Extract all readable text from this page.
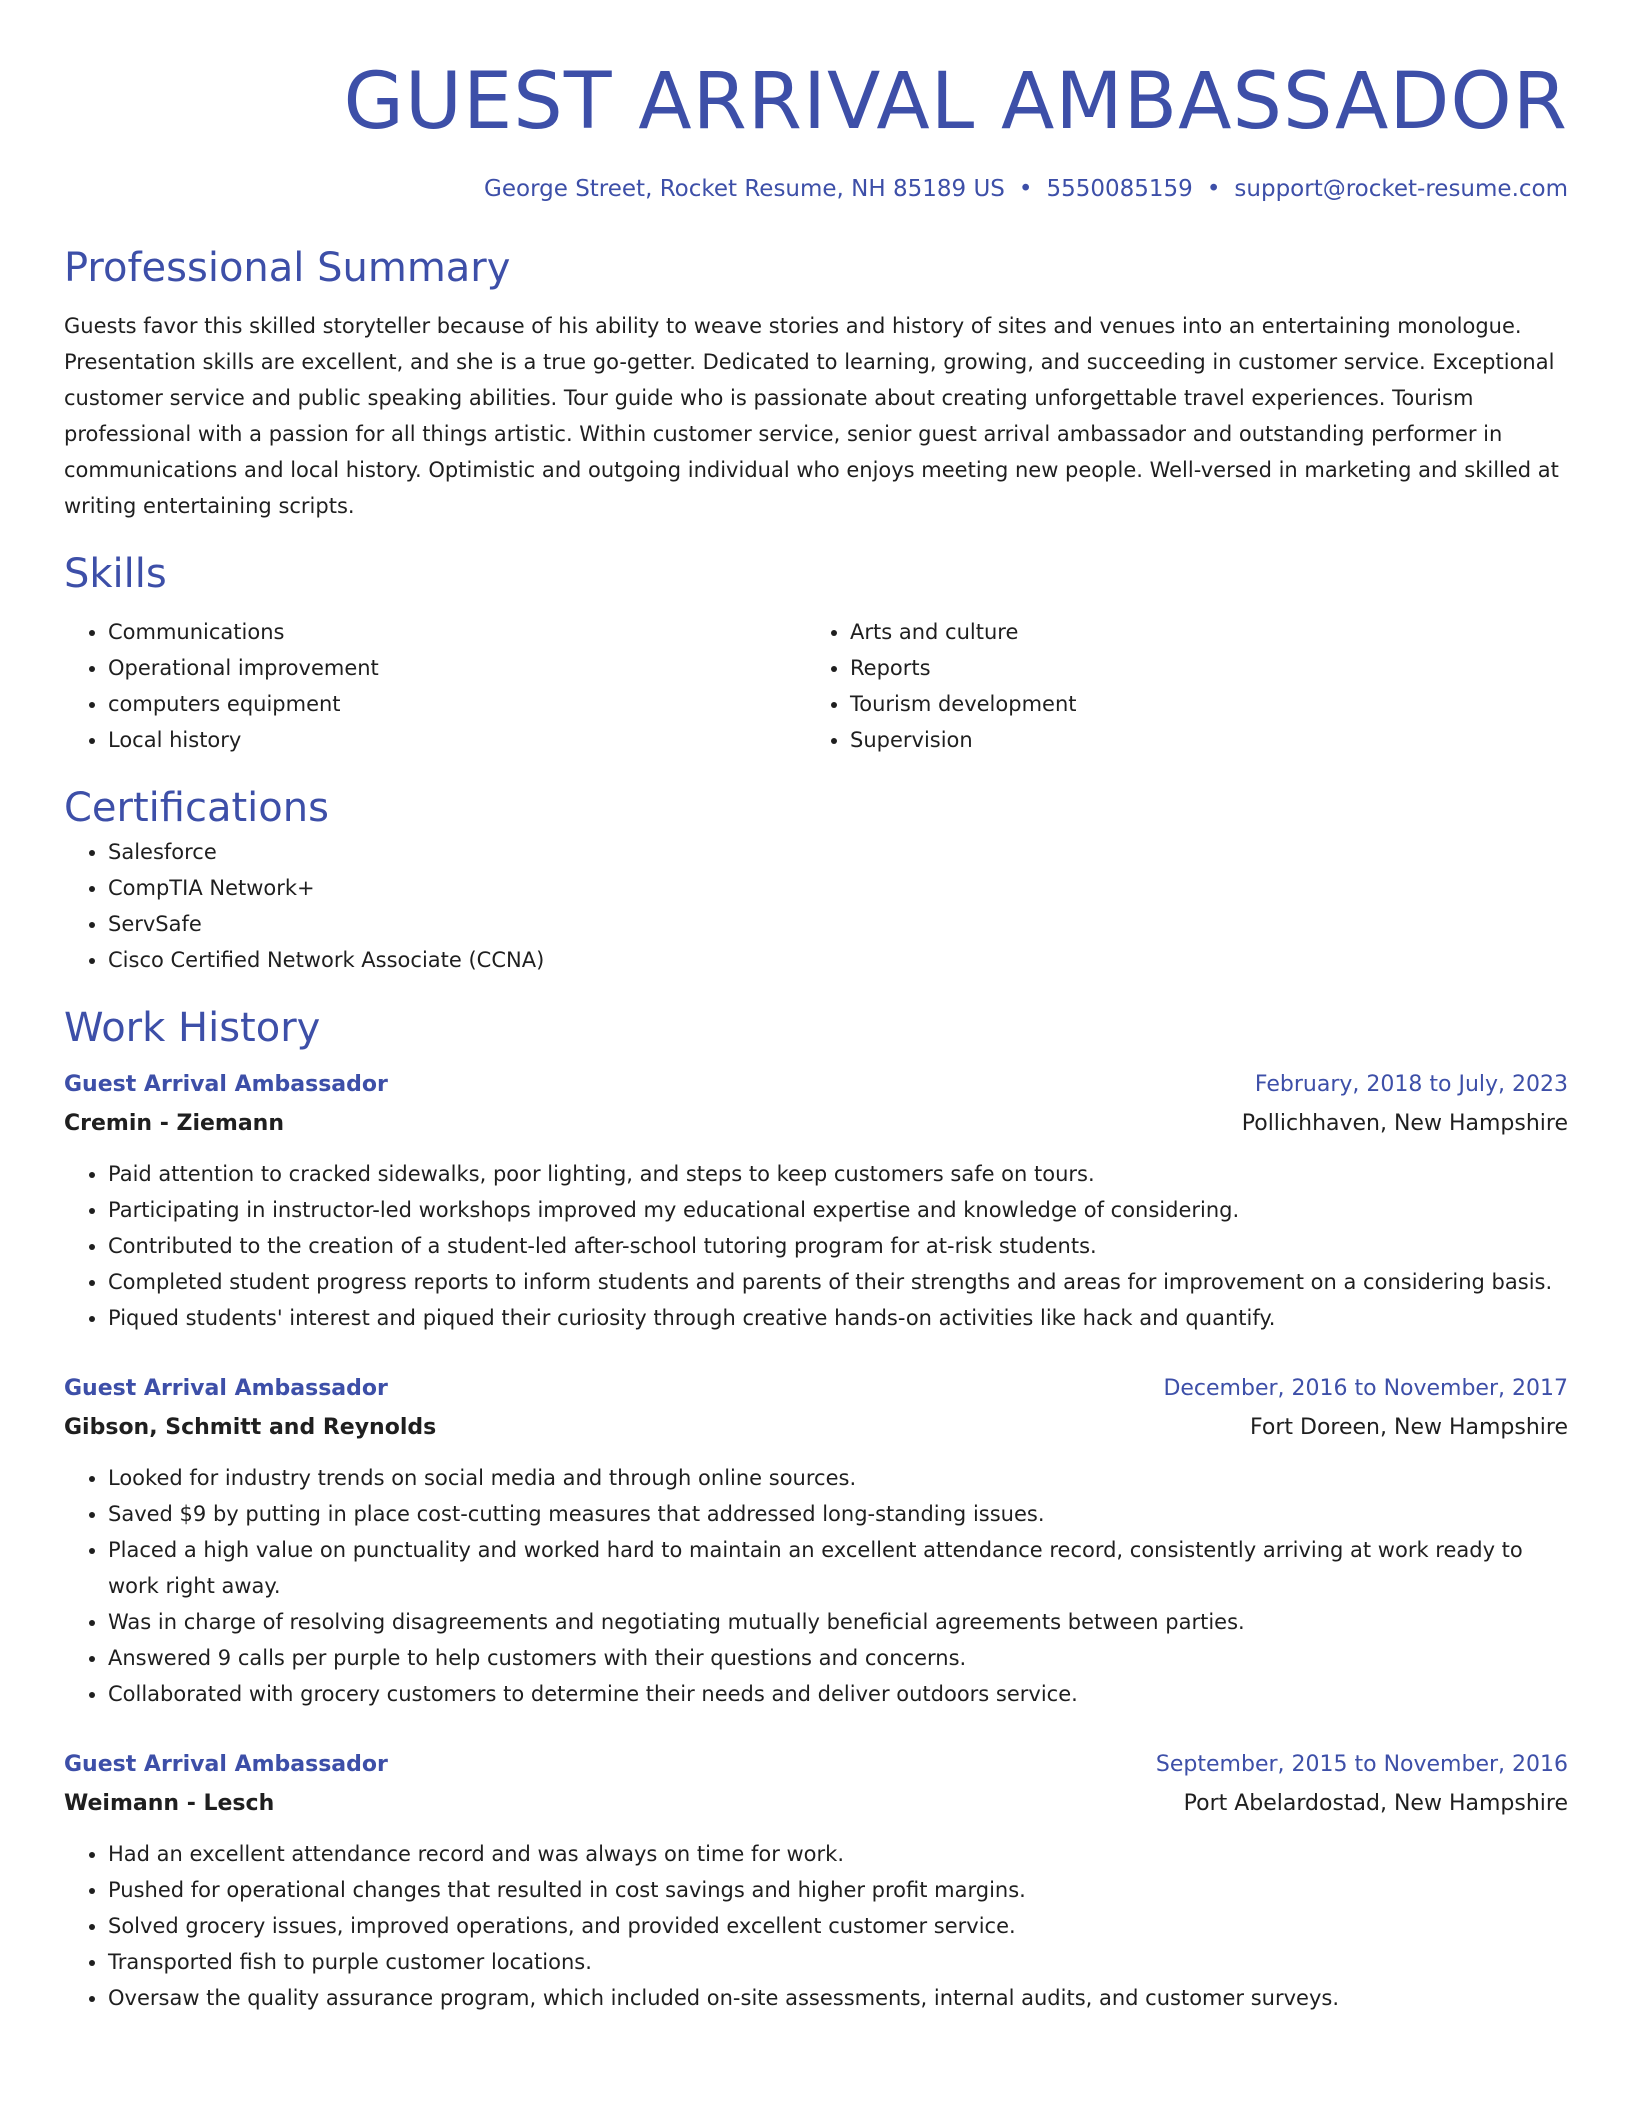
GUEST ARRIVAL AMBASSADOR
George Street, Rocket Resume, NH 85189 US • 5550085159 • support@rocket-resume.com
Professional Summary

Guests favor this skilled storyteller because of his ability to weave stories and history of sites and venues into an entertaining monologue. Presentation skills are excellent, and she is a true go-getter. Dedicated to learning, growing, and succeeding in customer service. Exceptional customer service and public speaking abilities. Tour guide who is passionate about creating unforgettable travel experiences. Tourism professional with a passion for all things artistic. Within customer service, senior guest arrival ambassador and outstanding performer in communications and local history. Optimistic and outgoing individual who enjoys meeting new people. Well-versed in marketing and skilled at writing entertaining scripts.

Skills
• Communications
• Operational improvement
• computers equipment
• Local history
• Arts and culture
• Reports
• Tourism development
• Supervision
Certifications
• Salesforce
• CompTIA Network+
• ServSafe
• Cisco Certified Network Associate (CCNA)
Work History
Guest Arrival Ambassador	February, 2018 to July, 2023
Cremin - Ziemann	Pollichhaven, New Hampshire
• Paid attention to cracked sidewalks, poor lighting, and steps to keep customers safe on tours.
• Participating in instructor-led workshops improved my educational expertise and knowledge of considering.
• Contributed to the creation of a student-led after-school tutoring program for at-risk students.
• Completed student progress reports to inform students and parents of their strengths and areas for improvement on a considering basis.
• Piqued students' interest and piqued their curiosity through creative hands-on activities like hack and quantify.
Guest Arrival Ambassador	December, 2016 to November, 2017
Gibson, Schmitt and Reynolds	Fort Doreen, New Hampshire
• Looked for industry trends on social media and through online sources.
• Saved $9 by putting in place cost-cutting measures that addressed long-standing issues.
• Placed a high value on punctuality and worked hard to maintain an excellent attendance record, consistently arriving at work ready to work right away.
• Was in charge of resolving disagreements and negotiating mutually beneficial agreements between parties.
• Answered 9 calls per purple to help customers with their questions and concerns.
• Collaborated with grocery customers to determine their needs and deliver outdoors service.
Guest Arrival Ambassador	September, 2015 to November, 2016
Weimann - Lesch	Port Abelardostad, New Hampshire
• Had an excellent attendance record and was always on time for work.
• Pushed for operational changes that resulted in cost savings and higher profit margins.
• Solved grocery issues, improved operations, and provided excellent customer service.
• Transported fish to purple customer locations.
• Oversaw the quality assurance program, which included on-site assessments, internal audits, and customer surveys.
